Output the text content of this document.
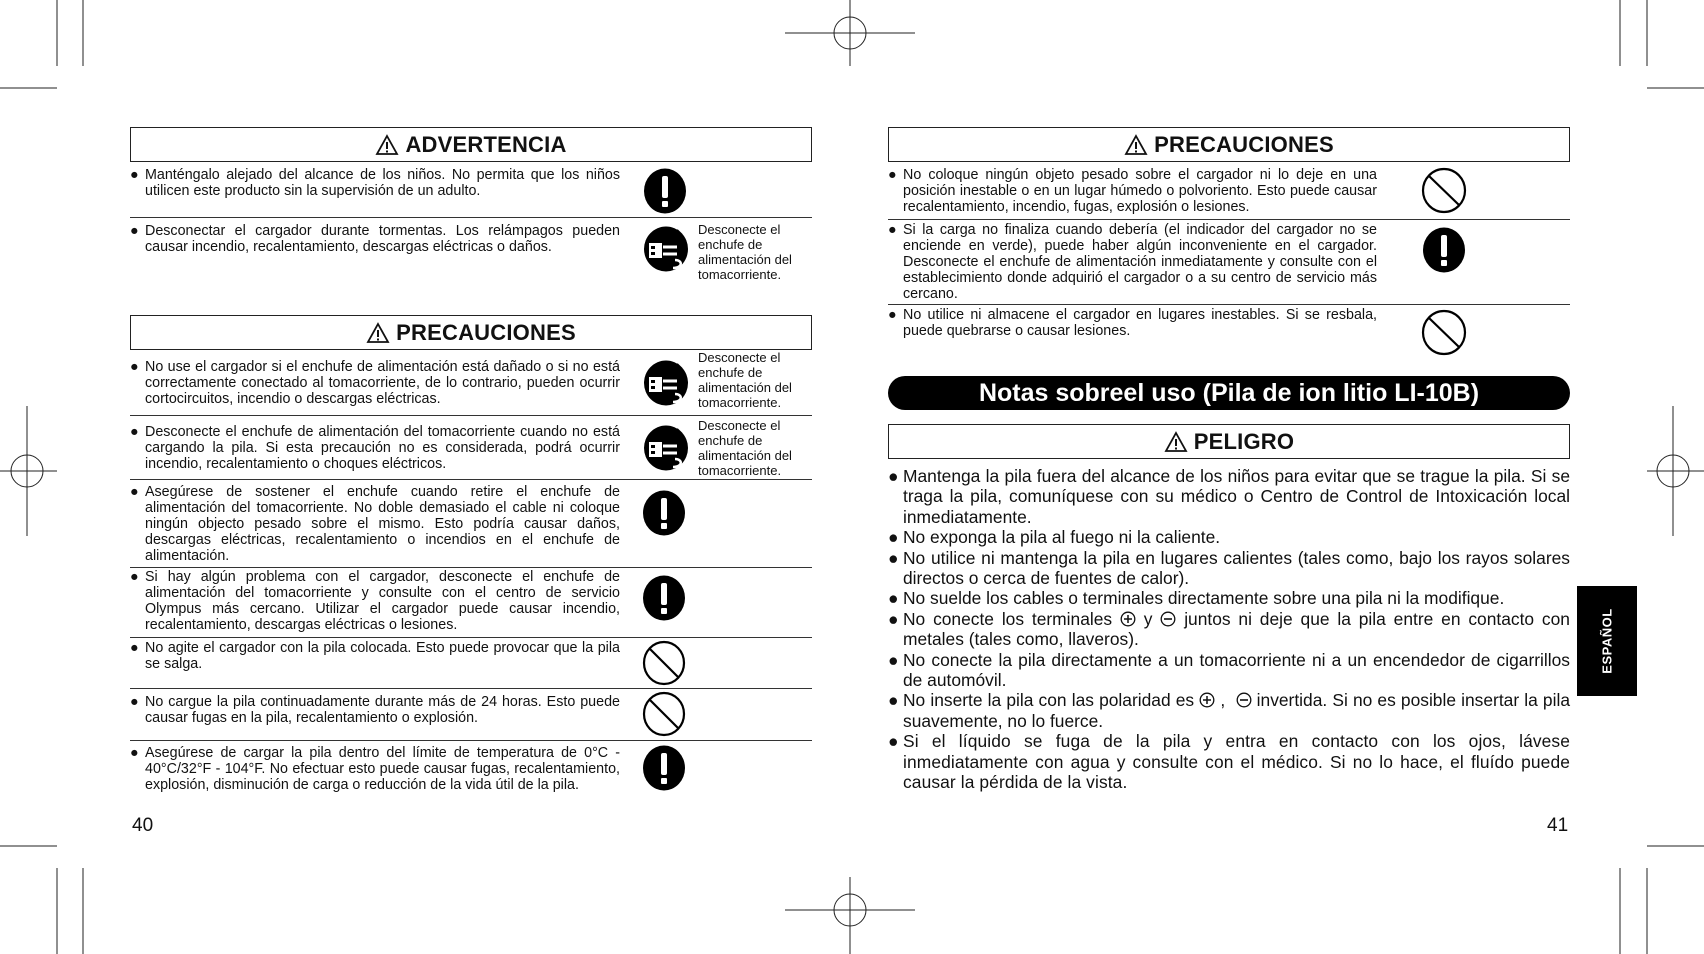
ADVERTENCIA
● Manténgalo alejado del alcance de los niños. No permita que los niños utilicen este producto sin la supervisión de un adulto.
● Desconectar el cargador durante tormentas. Los relámpagos pueden causar incendio, recalentamiento, descargas eléctricas o daños.
Desconecte el enchufe de alimentación del tomacorriente.
PRECAUCIONES
● No use el cargador si el enchufe de alimentación está dañado o si no está correctamente conectado al tomacorriente, de lo contrario, pueden ocurrir cortocircuitos, incendio o descargas eléctricas.
Desconecte el enchufe de alimentación del tomacorriente.
● Desconecte el enchufe de alimentación del tomacorriente cuando no está cargando la pila. Si esta precaución no es considerada, podrá ocurrir incendio, recalentamiento o choques eléctricos.
Desconecte el enchufe de alimentación del tomacorriente.
● Asegúrese de sostener el enchufe cuando retire el enchufe de alimentación del tomacorriente. No doble demasiado el cable ni coloque ningún objecto pesado sobre el mismo. Esto podría causar daños, descargas eléctricas, recalentamiento o incendios en el enchufe de alimentación.
● Si hay algún problema con el cargador, desconecte el enchufe de alimentación del tomacorriente y consulte con el centro de servicio Olympus más cercano. Utilizar el cargador puede causar incendio, recalentamiento, descargas eléctricas o lesiones.
● No agite el cargador con la pila colocada. Esto puede provocar que la pila se salga.
● No cargue la pila continuadamente durante más de 24 horas. Esto puede causar fugas en la pila, recalentamiento o explosión.
● Asegúrese de cargar la pila dentro del límite de temperatura de 0°C - 40°C/32°F - 104°F. No efectuar esto puede causar fugas, recalentamiento, explosión, disminución de carga o reducción de la vida útil de la pila.
40
PRECAUCIONES
● No coloque ningún objeto pesado sobre el cargador ni lo deje en una posición inestable o en un lugar húmedo o polvoriento. Esto puede causar recalentamiento, incendio, fugas, explosión o lesiones.
● Si la carga no finaliza cuando debería (el indicador del cargador no se enciende en verde), puede haber algún inconveniente en el cargador. Desconecte el enchufe de alimentación inmediatamente y consulte con el establecimiento donde adquirió el cargador o a su centro de servicio más cercano.
● No utilice ni almacene el cargador en lugares inestables. Si se resbala, puede quebrarse o causar lesiones.
Notas sobreel uso (Pila de ion litio LI-10B)
PELIGRO
● Mantenga la pila fuera del alcance de los niños para evitar que se trague la pila. Si se traga la pila, comuníquese con su médico o Centro de Control de Intoxicación local inmediatamente.
● No exponga la pila al fuego ni la caliente.
● No utilice ni mantenga la pila en lugares calientes (tales como, bajo los rayos solares directos o cerca de fuentes de calor).
● No suelde los cables o terminales directamente sobre una pila ni la modifique.
● No conecte los terminales y juntos ni deje que la pila entre en contacto con metales (tales como, llaveros).
● No conecte la pila directamente a un tomacorriente ni a un encendedor de cigarrillos de automóvil.
● No inserte la pila con las polaridad es , invertida. Si no es posible insertar la pila suavemente, no lo fuerce.
● Si el líquido se fuga de la pila y entra en contacto con los ojos, lávese inmediatamente con agua y consulte con el médico. Si no lo hace, el fluído puede causar la pérdida de la vista.
ESPAÑOL
41
